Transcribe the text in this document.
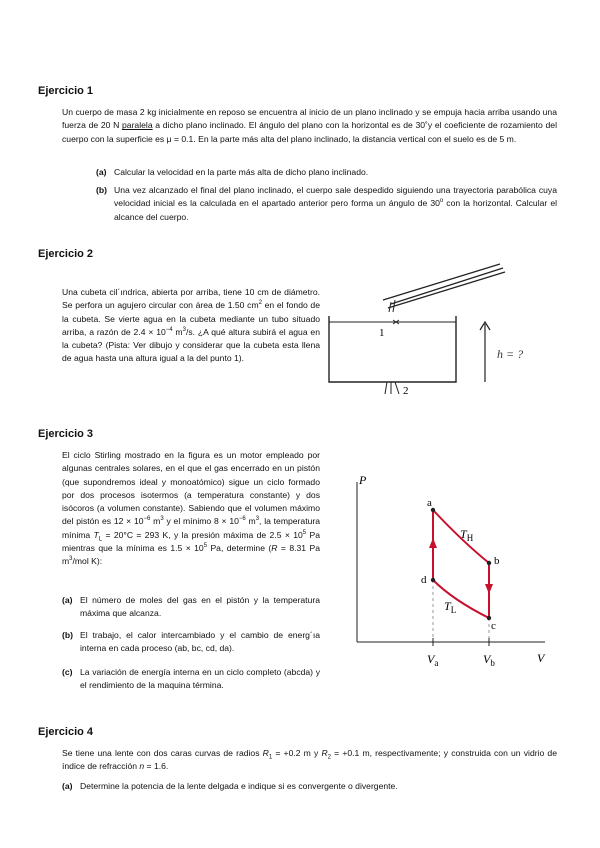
Ejercicio 1
Un cuerpo de masa 2 kg inicialmente en reposo se encuentra al inicio de un plano inclinado y se empuja hacia arriba usando una fuerza de 20 N paralela a dicho plano inclinado. El ángulo del plano con la horizontal es de 30˚y el coeficiente de rozamiento del cuerpo con la superficie es μ = 0.1. En la parte más alta del plano inclinado, la distancia vertical con el suelo es de 5 m.
(a) Calcular la velocidad en la parte más alta de dicho plano inclinado.
(b) Una vez alcanzado el final del plano inclinado, el cuerpo sale despedido siguiendo una trayectoria parabólica cuya velocidad inicial es la calculada en el apartado anterior pero forma un ángulo de 30$^o$ con la horizontal. Calcular el alcance del cuerpo.
Ejercicio 2
Una cubeta cil´ındrica, abierta por arriba, tiene 10 cm de diámetro. Se perfora un agujero circular con área de 1.50 $cm^2$ en el fondo de la cubeta. Se vierte agua en la cubeta mediante un tubo situado arriba, a razón de $2.4 \times 10^{-4}$ $m^3/s$. ¿A qué altura subirá el agua en la cubeta? (Pista: Ver dibujo y considerar que la cubeta esta llena de agua hasta una altura igual a la del punto 1).
1
2
h = ?
Ejercicio 3
El ciclo Stirling mostrado en la figura es un motor empleado por algunas centrales solares, en el que el gas encerrado en un pistón (que supondremos ideal y monoatómico) sigue un ciclo formado por dos procesos isotermos (a temperatura constante) y dos isócoros (a volumen constante). Sabiendo que el volumen máximo del pistón es $12 \times 10^{-6}$ $m^3$ y el mínimo $8 \times 10^{-6}$ $m^3$, la temperatura mínima $T_L = 20^\circ C = 293$ K, y la presión máxima de $2.5 \times 10^5$ Pa mientras que la mínima es $1.5 \times 10^5$ Pa, determine (R = 8.31 Pa $m^3$/mol K):
(a) El número de moles del gas en el pistón y la temperatura máxima que alcanza.
(b) El trabajo, el calor intercambiado y el cambio de energ´ıa interna en cada proceso (ab, bc, cd, da).
(c) La variación de energía interna en un ciclo completo (abcda) y el rendimiento de la maquina términa.
P
V
a
b
c
d
$T_H$
$T_L$
$V_a$	$V_b$
Ejercicio 4
Se tiene una lente con dos caras curvas de radios $R_1 = +0.2$ m y $R_2 = +0.1$ m, respectivamente; y construida con un vidrio de índice de refracción n = 1.6.
(a) Determine la potencia de la lente delgada e indique si es convergente o divergente.
